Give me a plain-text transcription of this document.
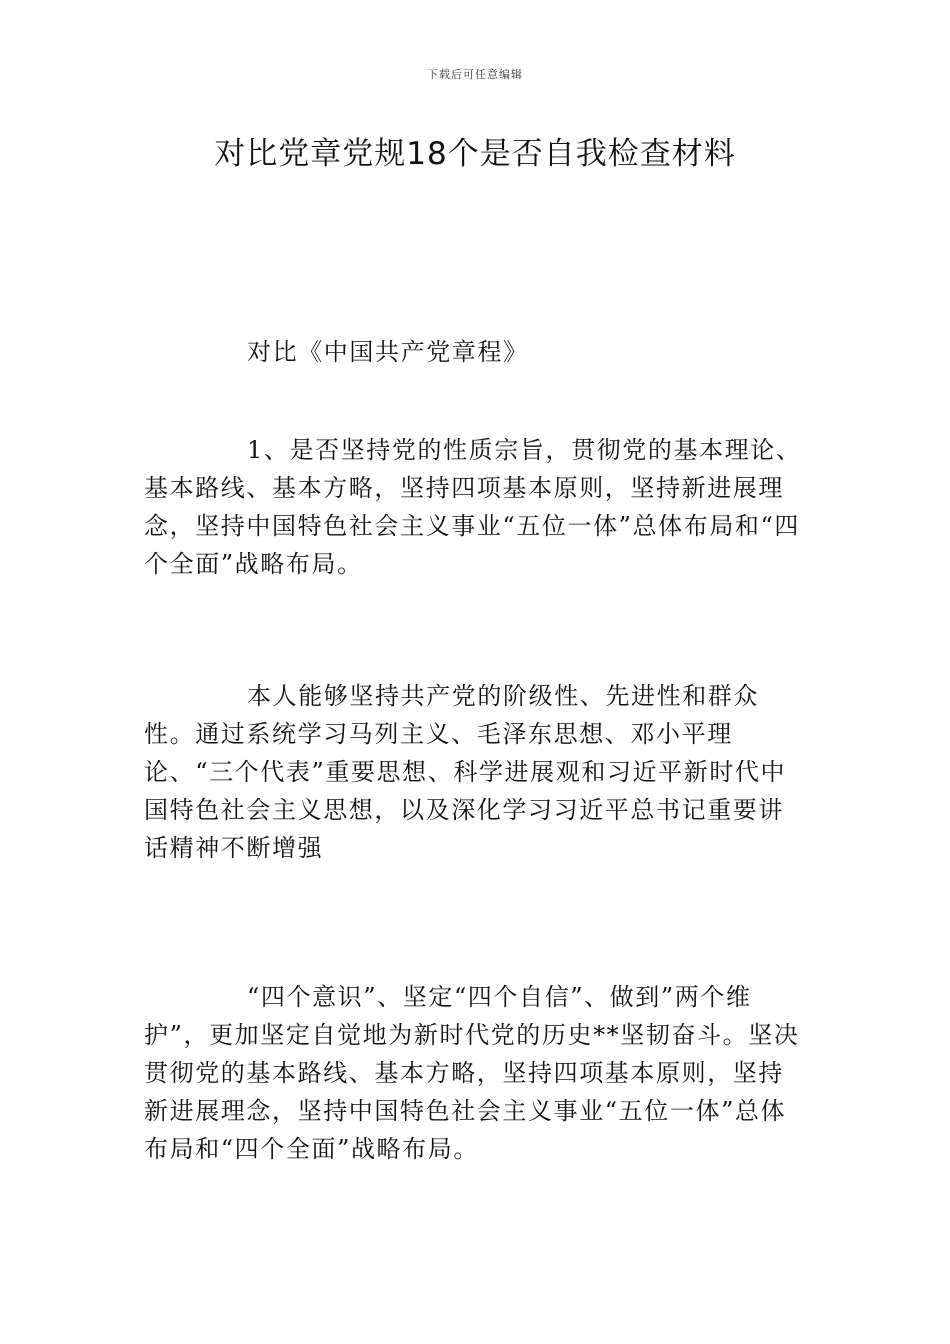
下载后可任意编辑
对比党章党规18个是否自我检查材料

对比《中国共产党章程》

1、是否坚持党的性质宗旨，贯彻党的基本理论、基本路线、基本方略，坚持四项基本原则，坚持新进展理念，坚持中国特色社会主义事业“五位一体”总体布局和“四个全面”战略布局。

本人能够坚持共产党的阶级性、先进性和群众性。通过系统学习马列主义、毛泽东思想、邓小平理论、“三个代表”重要思想、科学进展观和习近平新时代中国特色社会主义思想，以及深化学习习近平总书记重要讲话精神不断增强

“四个意识”、坚定“四个自信”、做到”两个维护”，更加坚定自觉地为新时代党的历史**坚韧奋斗。坚决贯彻党的基本路线、基本方略，坚持四项基本原则，坚持新进展理念，坚持中国特色社会主义事业“五位一体”总体布局和“四个全面”战略布局。
